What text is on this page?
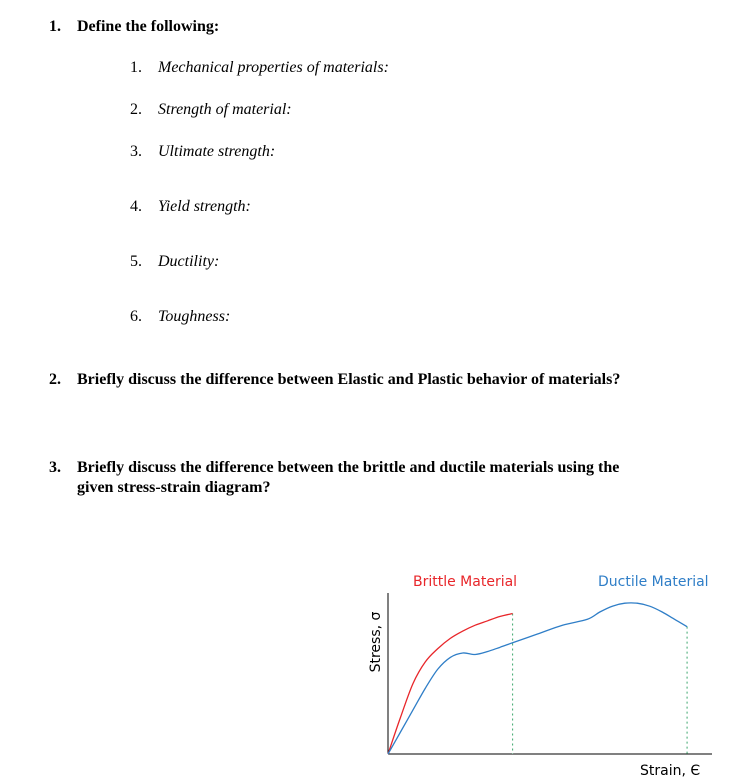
1. Define the following:
1. Mechanical properties of materials:
2. Strength of material:
3. Ultimate strength:
4. Yield strength:
5. Ductility:
6. Toughness:
2. Briefly discuss the difference between Elastic and Plastic behavior of materials?
3. Briefly discuss the difference between the brittle and ductile materials using the

given stress-strain diagram?
Brittle Material	Ductile Material
Stress, σ
Strain, Є
